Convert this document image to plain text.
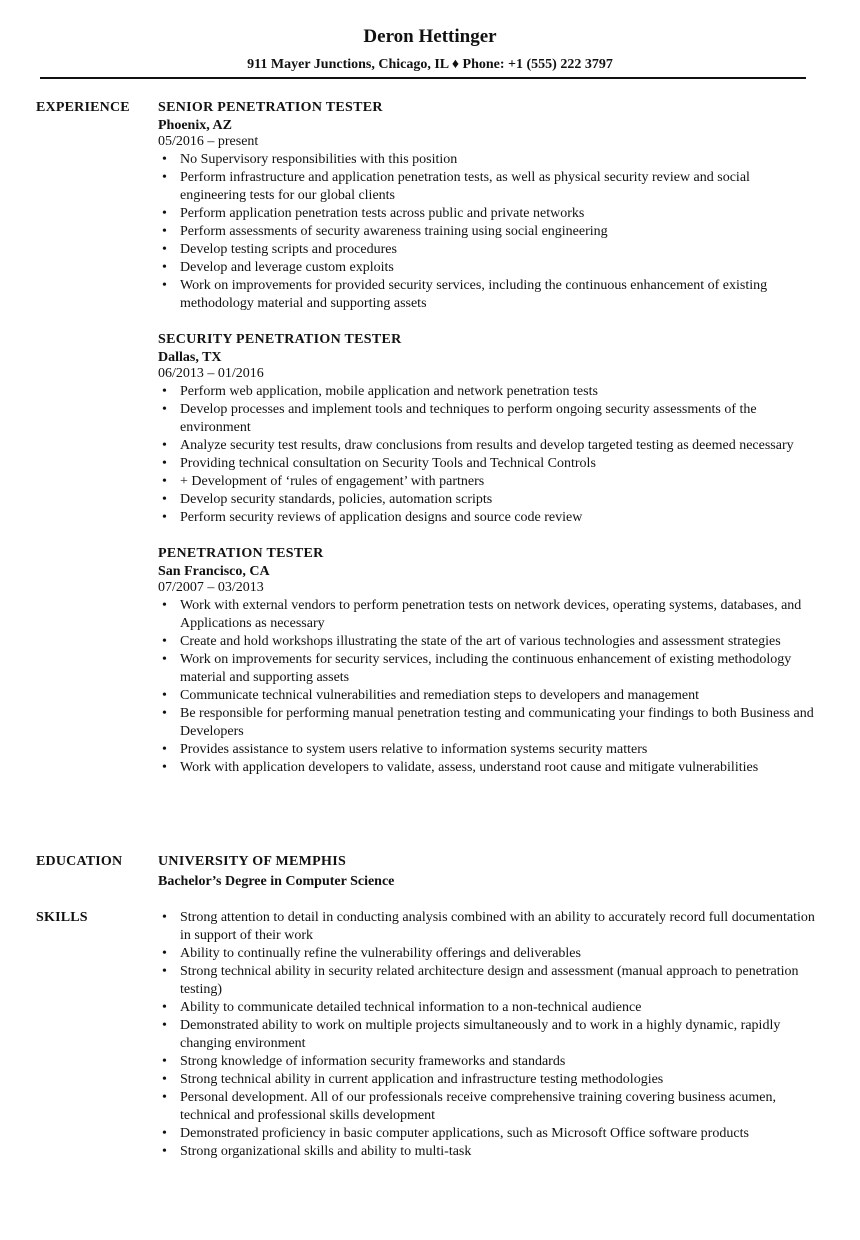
Deron Hettinger
911 Mayer Junctions, Chicago, IL ♦ Phone: +1 (555) 222 3797
EXPERIENCE SENIOR PENETRATION TESTER
Phoenix, AZ
05/2016 – present
• No Supervisory responsibilities with this position
• Perform infrastructure and application penetration tests, as well as physical security review and social engineering tests for our global clients
• Perform application penetration tests across public and private networks
• Perform assessments of security awareness training using social engineering
• Develop testing scripts and procedures
• Develop and leverage custom exploits
• Work on improvements for provided security services, including the continuous enhancement of existing methodology material and supporting assets
SECURITY PENETRATION TESTER
Dallas, TX
06/2013 – 01/2016
• Perform web application, mobile application and network penetration tests
• Develop processes and implement tools and techniques to perform ongoing security assessments of the environment
• Analyze security test results, draw conclusions from results and develop targeted testing as deemed necessary
• Providing technical consultation on Security Tools and Technical Controls
• + Development of ‘rules of engagement’ with partners
• Develop security standards, policies, automation scripts
• Perform security reviews of application designs and source code review
PENETRATION TESTER
San Francisco, CA
07/2007 – 03/2013
• Work with external vendors to perform penetration tests on network devices, operating systems, databases, and Applications as necessary
• Create and hold workshops illustrating the state of the art of various technologies and assessment strategies
• Work on improvements for security services, including the continuous enhancement of existing methodology material and supporting assets
• Communicate technical vulnerabilities and remediation steps to developers and management
• Be responsible for performing manual penetration testing and communicating your findings to both Business and Developers
• Provides assistance to system users relative to information systems security matters
• Work with application developers to validate, assess, understand root cause and mitigate vulnerabilities
EDUCATION	UNIVERSITY OF MEMPHIS
Bachelor’s Degree in Computer Science
SKILLS
•	Strong attention to detail in conducting analysis combined with an ability to accurately record full documentation in support of their work
• Ability to continually refine the vulnerability offerings and deliverables
• Strong technical ability in security related architecture design and assessment (manual approach to penetration testing)
• Ability to communicate detailed technical information to a non-technical audience
• Demonstrated ability to work on multiple projects simultaneously and to work in a highly dynamic, rapidly changing environment
• Strong knowledge of information security frameworks and standards
• Strong technical ability in current application and infrastructure testing methodologies
• Personal development. All of our professionals receive comprehensive training covering business acumen, technical and professional skills development
• Demonstrated proficiency in basic computer applications, such as Microsoft Office software products
• Strong organizational skills and ability to multi-task
